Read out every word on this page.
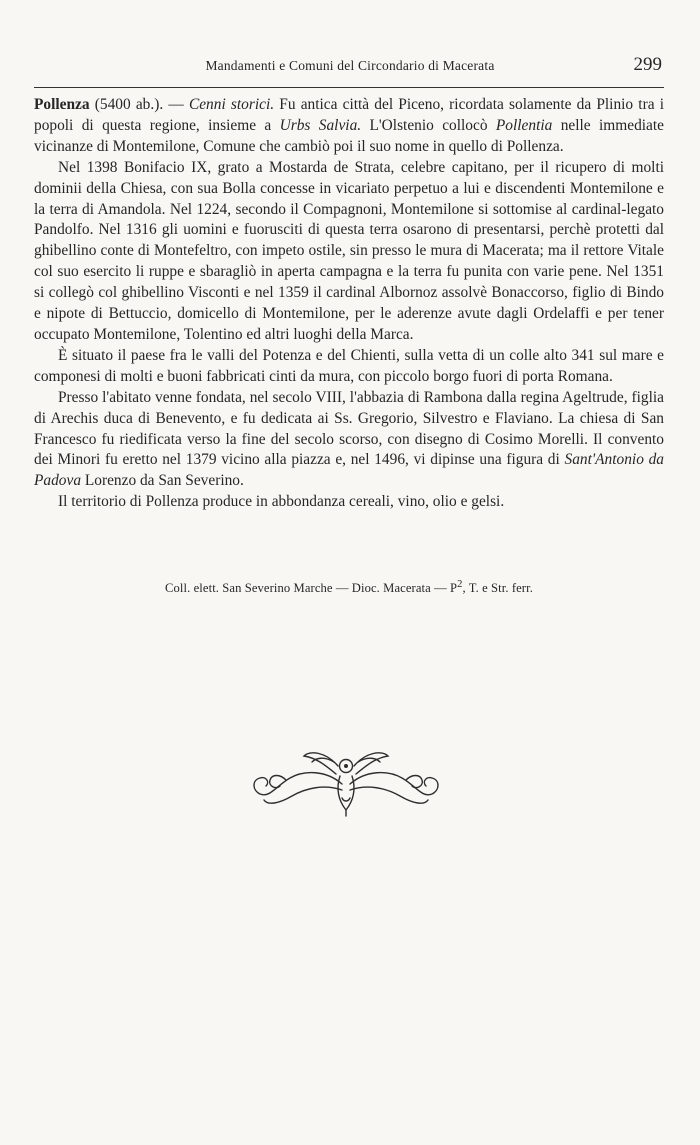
Mandamenti e Comuni del Circondario di Macerata	299

Pollenza (5400 ab.). — Cenni storici. Fu antica città del Piceno, ricordata solamente da Plinio tra i popoli di questa regione, insieme a Urbs Salvia. L'Olstenio collocò Pollentia nelle immediate vicinanze di Montemilone, Comune che cambiò poi il suo nome in quello di Pollenza.

Nel 1398 Bonifacio IX, grato a Mostarda de Strata, celebre capitano, per il ricupero di molti dominii della Chiesa, con sua Bolla concesse in vicariato perpetuo a lui e discendenti Montemilone e la terra di Amandola. Nel 1224, secondo il Compagnoni, Montemilone si sottomise al cardinal-legato Pandolfo. Nel 1316 gli uomini e fuorusciti di questa terra osarono di presentarsi, perchè protetti dal ghibellino conte di Montefeltro, con impeto ostile, sin presso le mura di Macerata; ma il rettore Vitale col suo esercito li ruppe e sbaragliò in aperta campagna e la terra fu punita con varie pene. Nel 1351 si collegò col ghibellino Visconti e nel 1359 il cardinal Albornoz assolvè Bonaccorso, figlio di Bindo e nipote di Bettuccio, domicello di Montemilone, per le aderenze avute dagli Ordelaffi e per tener occupato Montemilone, Tolentino ed altri luoghi della Marca.

È situato il paese fra le valli del Potenza e del Chienti, sulla vetta di un colle alto 341 sul mare e componesi di molti e buoni fabbricati cinti da mura, con piccolo borgo fuori di porta Romana.

Presso l'abitato venne fondata, nel secolo VIII, l'abbazia di Rambona dalla regina Ageltrude, figlia di Arechis duca di Benevento, e fu dedicata ai Ss. Gregorio, Silvestro e Flaviano. La chiesa di San Francesco fu riedificata verso la fine del secolo scorso, con disegno di Cosimo Morelli. Il convento dei Minori fu eretto nel 1379 vicino alla piazza e, nel 1496, vi dipinse una figura di Sant'Antonio da Padova Lorenzo da San Severino.

Il territorio di Pollenza produce in abbondanza cereali, vino, olio e gelsi.

Coll. elett. San Severino Marche — Dioc. Macerata — $P^2$, T. e Str. ferr.
